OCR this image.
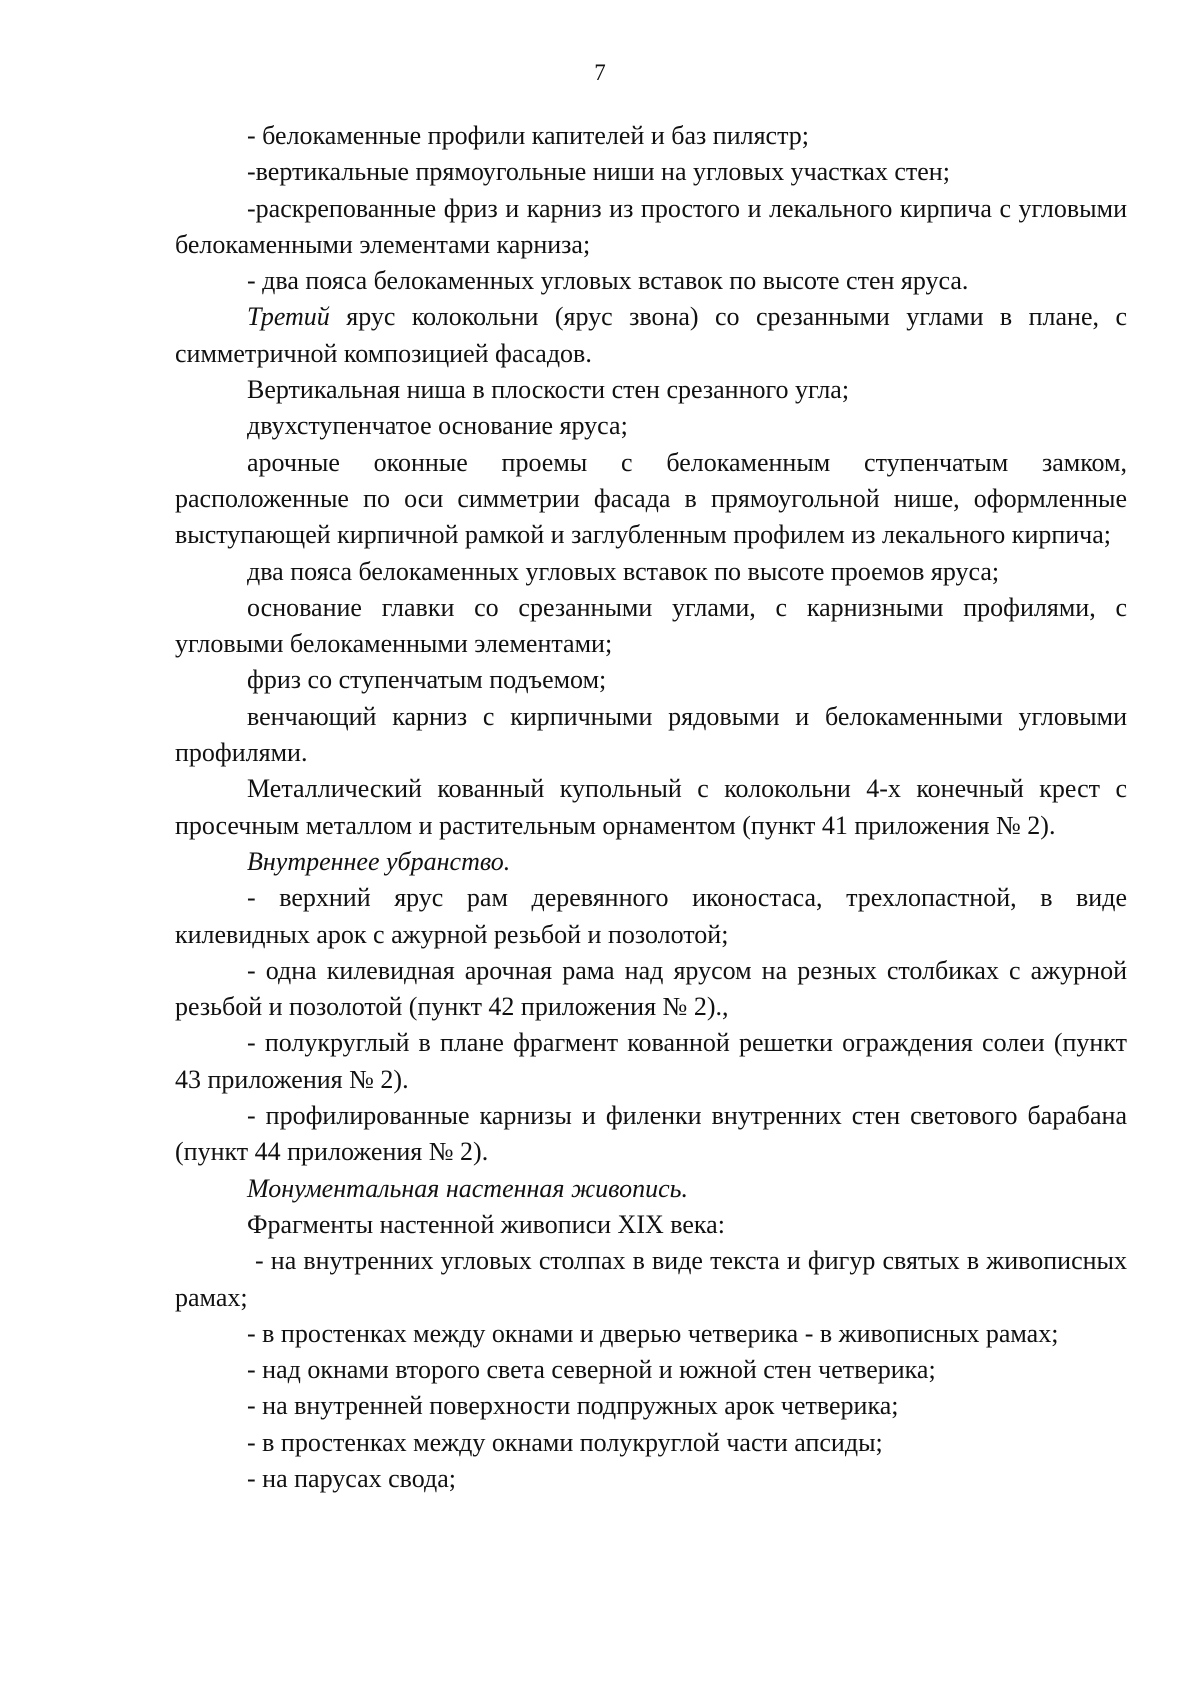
7

- белокаменные профили капителей и баз пилястр;

-вертикальные прямоугольные ниши на угловых участках стен;

-раскрепованные фриз и карниз из простого и лекального кирпича с угловыми белокаменными элементами карниза;

- два пояса белокаменных угловых вставок по высоте стен яруса.

Третий ярус колокольни (ярус звона) со срезанными углами в плане, с симметричной композицией фасадов.

Вертикальная ниша в плоскости стен срезанного угла;

двухступенчатое основание яруса;

арочные оконные проемы с белокаменным ступенчатым замком, расположенные по оси симметрии фасада в прямоугольной нише, оформленные выступающей кирпичной рамкой и заглубленным профилем из лекального кирпича;

два пояса белокаменных угловых вставок по высоте проемов яруса;

основание главки со срезанными углами, с карнизными профилями, с угловыми белокаменными элементами;

фриз со ступенчатым подъемом;

венчающий карниз с кирпичными рядовыми и белокаменными угловыми профилями.

Металлический кованный купольный с колокольни 4-х конечный крест с просечным металлом и растительным орнаментом (пункт 41 приложения № 2).

Внутреннее убранство.

- верхний ярус рам деревянного иконостаса, трехлопастной, в виде килевидных арок с ажурной резьбой и позолотой;

- одна килевидная арочная рама над ярусом на резных столбиках с ажурной резьбой и позолотой (пункт 42 приложения № 2).,

- полукруглый в плане фрагмент кованной решетки ограждения солеи (пункт 43 приложения № 2).

- профилированные карнизы и филенки внутренних стен светового барабана (пункт 44 приложения № 2).

Монументальная настенная живопись.

Фрагменты настенной живописи XIX века:

- на внутренних угловых столпах в виде текста и фигур святых в живописных рамах;

- в простенках между окнами и дверью четверика - в живописных рамах;

- над окнами второго света северной и южной стен четверика;

- на внутренней поверхности подпружных арок четверика;

- в простенках между окнами полукруглой части апсиды;

- на парусах свода;
